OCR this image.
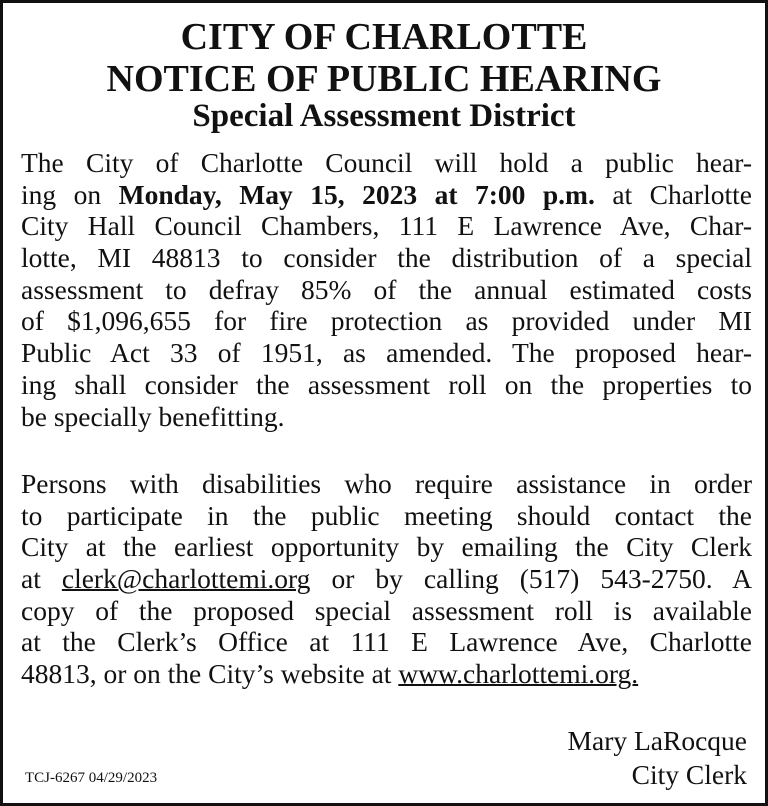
CITY OF CHARLOTTE
NOTICE OF PUBLIC HEARING
Special Assessment District
The City of Charlotte Council will hold a public hear-
ing on Monday, May 15, 2023 at 7:00 p.m. at Charlotte
City Hall Council Chambers, 111 E Lawrence Ave, Char-
lotte, MI 48813 to consider the distribution of a special
assessment to defray 85% of the annual estimated costs
of $1,096,655 for fire protection as provided under MI
Public Act 33 of 1951, as amended. The proposed hear-
ing shall consider the assessment roll on the properties to
be specially benefitting.
Persons with disabilities who require assistance in order
to participate in the public meeting should contact the
City at the earliest opportunity by emailing the City Clerk
at clerk@charlottemi.org or by calling (517) 543-2750. A
copy of the proposed special assessment roll is available
at the Clerk’s Office at 111 E Lawrence Ave, Charlotte
48813, or on the City’s website at www.charlottemi.org.
Mary LaRocque
City Clerk
TCJ-6267 04/29/2023
